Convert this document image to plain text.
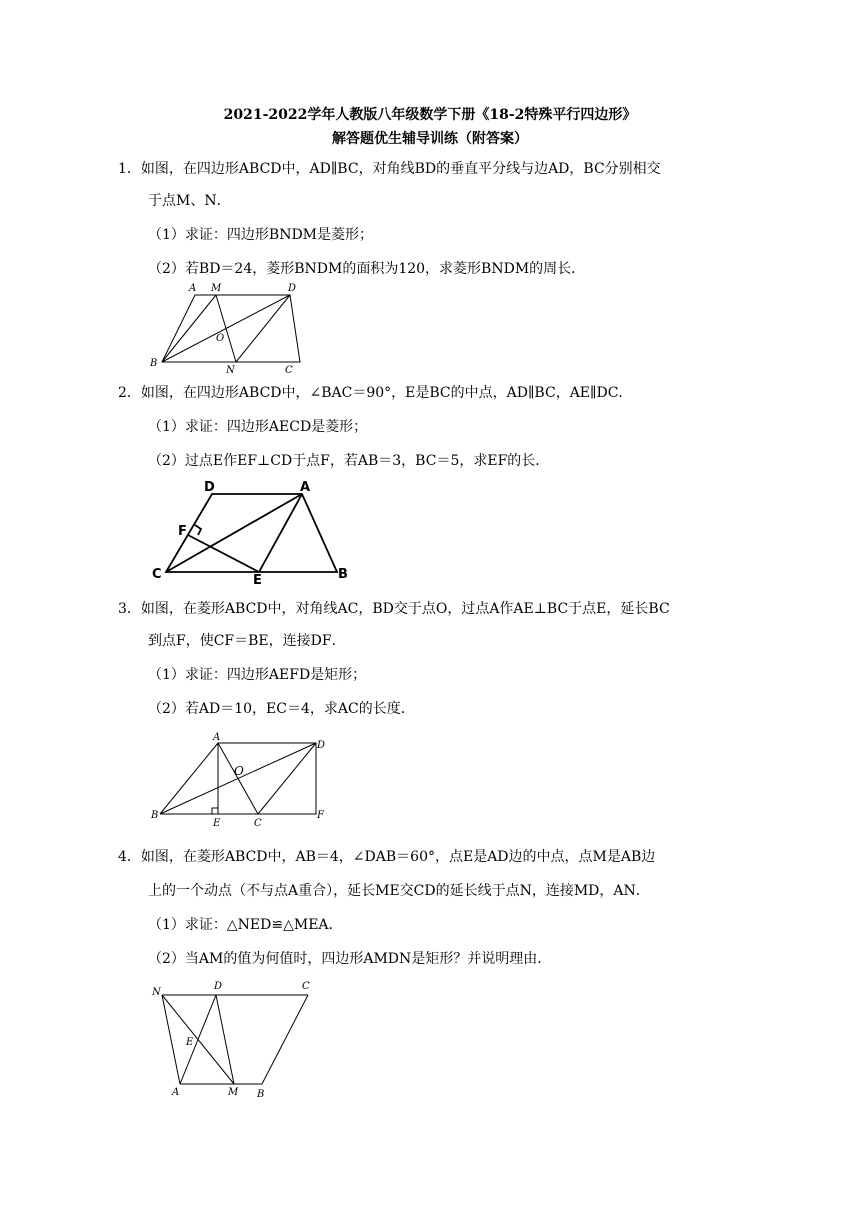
2021-2022学年人教版八年级数学下册《18-2特殊平行四边形》
解答题优生辅导训练（附答案）
1．如图，在四边形ABCD中，AD∥BC，对角线BD的垂直平分线与边AD，BC分别相交
于点M、N．
（1）求证：四边形BNDM是菱形；
（2）若BD＝24，菱形BNDM的面积为120，求菱形BNDM的周长．
A M	D
O
B
N	C
2．如图，在四边形ABCD中，∠BAC＝90°，E是BC的中点，AD∥BC，AE∥DC．
（1）求证：四边形AECD是菱形；
（2）过点E作EF⊥CD于点F，若AB＝3，BC＝5，求EF的长．
D	A
F
C	E	B
3．如图，在菱形ABCD中，对角线AC，BD交于点O，过点A作AE⊥BC于点E，延长BC
到点F，使CF＝BE，连接DF．
（1）求证：四边形AEFD是矩形；
（2）若AD＝10，EC＝4，求AC的长度．
A
D
O
B
E	C
F
4．如图，在菱形ABCD中，AB＝4，∠DAB＝60°，点E是AD边的中点，点M是AB边
上的一个动点（不与点A重合），延长ME交CD的延长线于点N，连接MD，AN．
（1）求证：△NED≌△MEA．
（2）当AM的值为何值时，四边形AMDN是矩形？并说明理由．
N
D	C
E
A	M B
